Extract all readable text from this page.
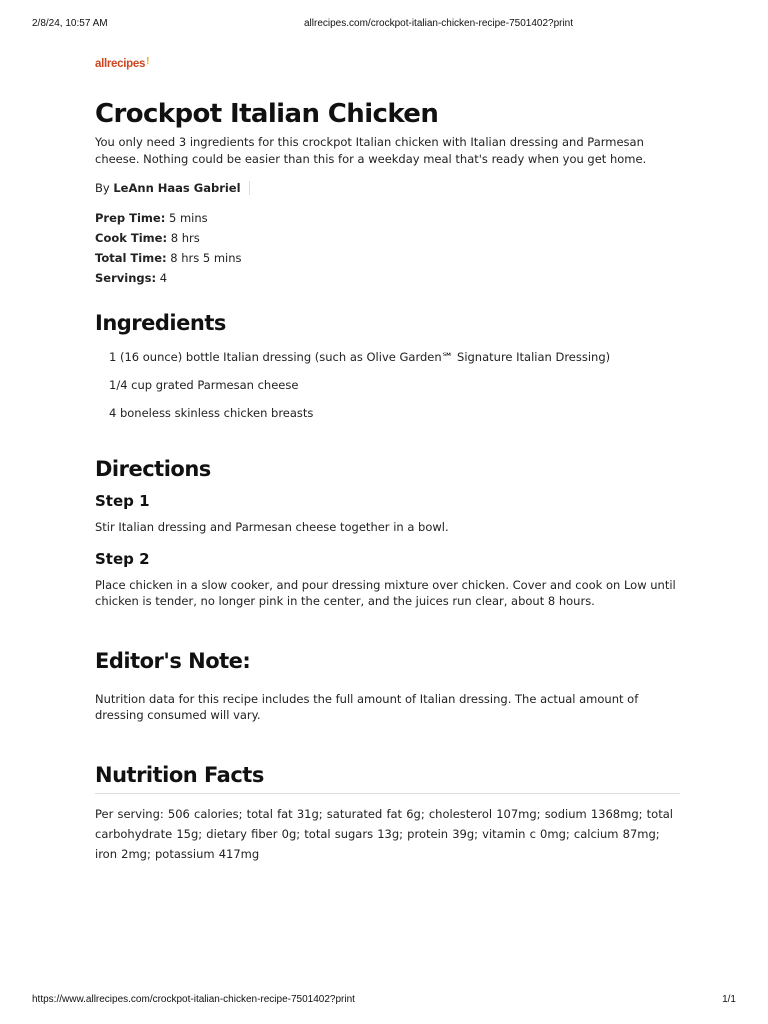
2/8/24, 10:57 AM	allrecipes.com/crockpot-italian-chicken-recipe-7501402?print
allrecipes !
Crockpot Italian Chicken

You only need 3 ingredients for this crockpot Italian chicken with Italian dressing and Parmesan cheese. Nothing could be easier than this for a weekday meal that's ready when you get home.

By LeAnn Haas Gabriel
Prep Time: 5 mins
Cook Time: 8 hrs
Total Time: 8 hrs 5 mins
Servings: 4
Ingredients
1 (16 ounce) bottle Italian dressing (such as Olive Garden℠ Signature Italian Dressing)
1/4 cup grated Parmesan cheese
4 boneless skinless chicken breasts
Directions
Step 1

Stir Italian dressing and Parmesan cheese together in a bowl.

Step 2

Place chicken in a slow cooker, and pour dressing mixture over chicken. Cover and cook on Low until chicken is tender, no longer pink in the center, and the juices run clear, about 8 hours.

Editor's Note:

Nutrition data for this recipe includes the full amount of Italian dressing. The actual amount of dressing consumed will vary.

Nutrition Facts

Per serving: 506 calories; total fat 31g; saturated fat 6g; cholesterol 107mg; sodium 1368mg; total carbohydrate 15g; dietary fiber 0g; total sugars 13g; protein 39g; vitamin c 0mg; calcium 87mg; iron 2mg; potassium 417mg

https://www.allrecipes.com/crockpot-italian-chicken-recipe-7501402?print	1/1
